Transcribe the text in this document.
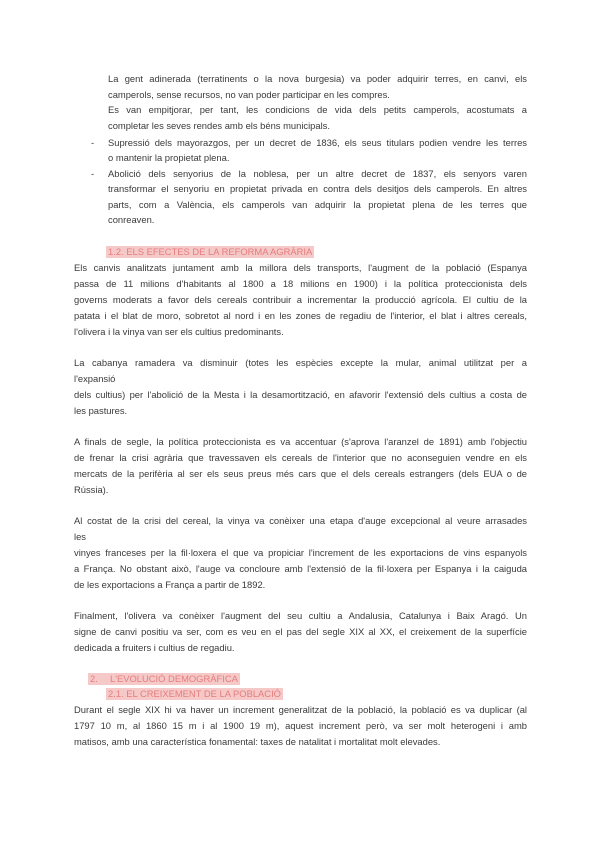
La gent adinerada (terratinents o la nova burgesia) va poder adquirir terres, en canvi, els
camperols, sense recursos, no van poder participar en les compres.
Es van empitjorar, per tant, les condicions de vida dels petits camperols, acostumats a
completar les seves rendes amb els béns municipals.
- Supressió dels mayorazgos, per un decret de 1836, els seus titulars podien vendre les terres
o mantenir la propietat plena.
- Abolició dels senyorius de la noblesa, per un altre decret de 1837, els senyors varen
transformar el senyoriu en propietat privada en contra dels desitjos dels camperols. En altres
parts, com a València, els camperols van adquirir la propietat plena de les terres que
conreaven.
1.2. ELS EFECTES DE LA REFORMA AGRÀRIA
Els canvis analitzats juntament amb la millora dels transports, l'augment de la població (Espanya
passa de 11 milions d'habitants al 1800 a 18 milions en 1900) i la política proteccionista dels
governs moderats a favor dels cereals contribuir a incrementar la producció agrícola. El cultiu de la
patata i el blat de moro, sobretot al nord i en les zones de regadiu de l'interior, el blat i altres cereals,
l'olivera i la vinya van ser els cultius predominants.
La cabanya ramadera va disminuir (totes les espècies excepte la mular, animal utilitzat per a
l'expansió
dels cultius) per l'abolició de la Mesta i la desamortització, en afavorir l'extensió dels cultius a costa de
les pastures.
A finals de segle, la política proteccionista es va accentuar (s'aprova l'aranzel de 1891) amb l'objectiu
de frenar la crisi agrària que travessaven els cereals de l'interior que no aconseguien vendre en els
mercats de la perifèria al ser els seus preus més cars que el dels cereals estrangers (dels EUA o de
Rússia).
Al costat de la crisi del cereal, la vinya va conèixer una etapa d'auge excepcional al veure arrasades
les
vinyes franceses per la fil·loxera el que va propiciar l'increment de les exportacions de vins espanyols
a França. No obstant això, l'auge va concloure amb l'extensió de la fil·loxera per Espanya i la caiguda
de les exportacions a França a partir de 1892.
Finalment, l'olivera va conèixer l'augment del seu cultiu a Andalusia, Catalunya i Baix Aragó. Un
signe de canvi positiu va ser, com es veu en el pas del segle XIX al XX, el creixement de la superfície
dedicada a fruiters i cultius de regadiu.
2. L'EVOLUCIÓ DEMOGRÀFICA
2.1. EL CREIXEMENT DE LA POBLACIÓ
Durant el segle XIX hi va haver un increment generalitzat de la població, la població es va duplicar (al
1797 10 m, al 1860 15 m i al 1900 19 m), aquest increment però, va ser molt heterogeni i amb
matisos, amb una característica fonamental: taxes de natalitat i mortalitat molt elevades.
